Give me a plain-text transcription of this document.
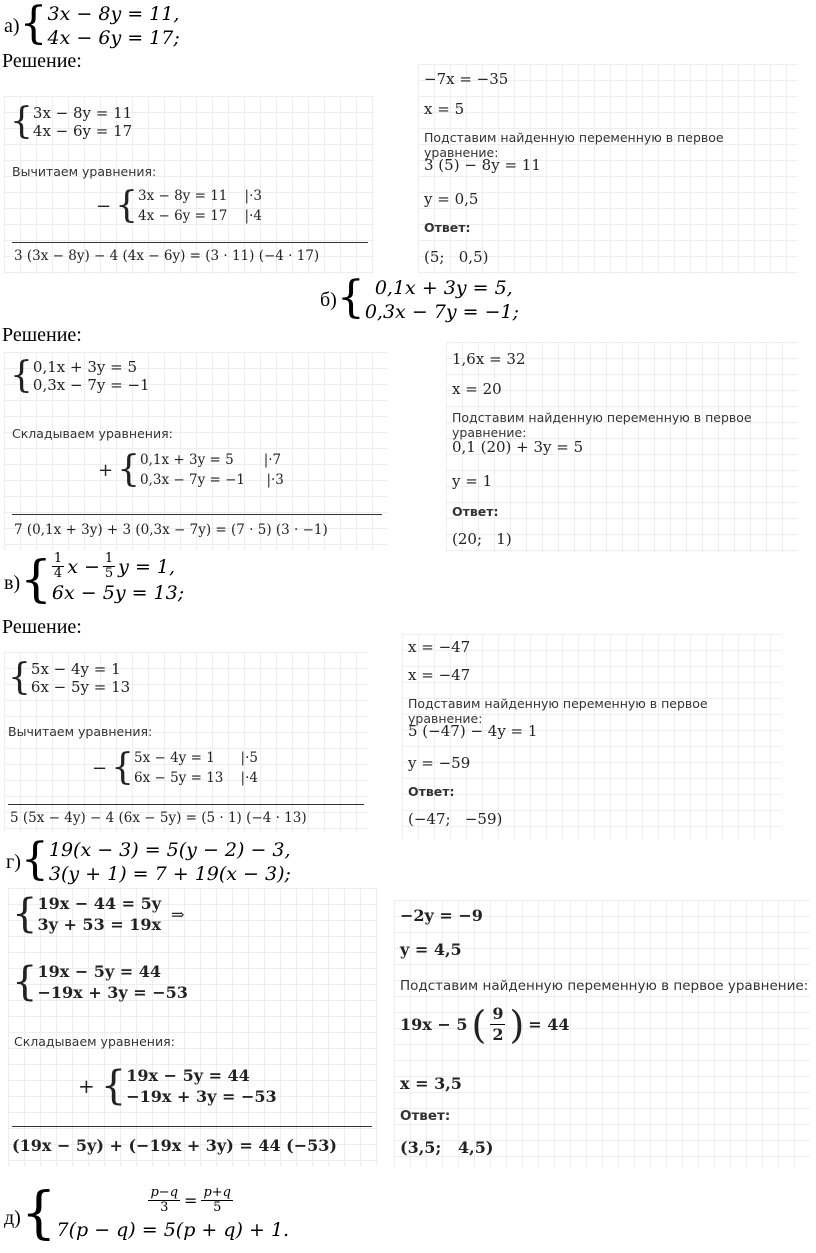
а) { 3x − 8y = 11,
4x − 6y = 17;
Решение:
{ 3x − 8y = 11
4x − 6y = 17
Вычитаем уравнения:
− { 3x − 8y = 11    |·3
4x − 6y = 17    |·4
3 (3x − 8y) − 4 (4x − 6y) = (3 · 11) (−4 · 17)
−7x = −35
x = 5
Подставим найденную переменную в первое уравнение:
3 (5) − 8y = 11
y = 0,5
Ответ:
(5;   0,5)
б) { 0,1x + 3y = 5,
0,3x − 7y = −1;
Решение:
{ 0,1x + 3y = 5
0,3x − 7y = −1
Складываем уравнения:
+ { 0,1x + 3y = 5       |·7
0,3x − 7y = −1     |·3
7 (0,1x + 3y) + 3 (0,3x − 7y) = (7 · 5) (3 · −1)
1,6x = 32
x = 20
Подставим найденную переменную в первое уравнение:
0,1 (20) + 3y = 5
y = 1
Ответ:
(20;   1)
в) { $\frac{1}{4}$ $x - \frac{1}{5}$ y = 1,
6x − 5y = 13;
Решение:
{ 5x − 4y = 1
6x − 5y = 13
Вычитаем уравнения:
− { 5x − 4y = 1      |·5
6x − 5y = 13    |·4
5 (5x − 4y) − 4 (6x − 5y) = (5 · 1) (−4 · 13)
x = −47
x = −47
Подставим найденную переменную в первое уравнение:
5 (−47) − 4y = 1
y = −59
Ответ:
(−47;   −59)
г) { 19(x − 3) = 5(y − 2) − 3,
3(y + 1) = 7 + 19(x − 3);
{ 19x − 44 = 5y
3y + 53 = 19x
⇒
{ 19x − 5y = 44
−19x + 3y = −53
Складываем уравнения:
+ { 19x − 5y = 44
−19x + 3y = −53
(19x − 5y) + (−19x + 3y) = 44 (−53)
−2y = −9
y = 4,5
Подставим найденную переменную в первое уравнение:
19x − 5 ( $\frac{9}{2}$ ) = 44
x = 3,5
Ответ:
(3,5;   4,5)
д) {	$\frac{p-q}{3} = \frac{p+q}{5}$
7(p − q) = 5(p + q) + 1.
